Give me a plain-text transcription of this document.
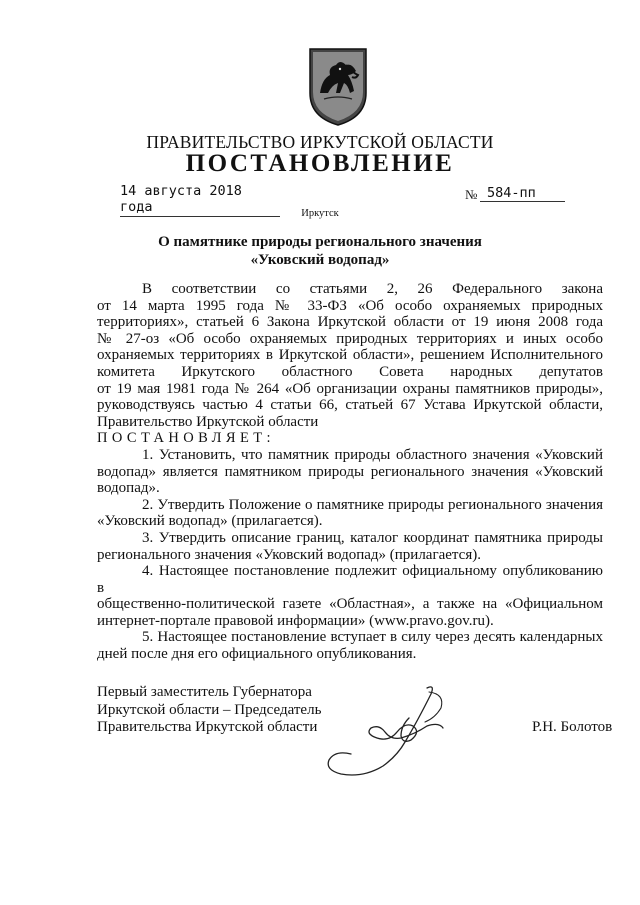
ПРАВИТЕЛЬСТВО ИРКУТСКОЙ ОБЛАСТИ
ПОСТАНОВЛЕНИЕ
14 августа 2018 года
№ 584-пп
Иркутск
О памятнике природы регионального значения
«Уковский водопад»

В соответствии со статьями 2, 26 Федерального закона

от 14 марта 1995 года № 33-ФЗ «Об особо охраняемых природных

территориях», статьей 6 Закона Иркутской области от 19 июня 2008 года

№ 27-оз «Об особо охраняемых природных территориях и иных особо

охраняемых территориях в Иркутской области», решением Исполнительного

комитета Иркутского областного Совета народных депутатов

от 19 мая 1981 года № 264 «Об организации охраны памятников природы»,

руководствуясь частью 4 статьи 66, статьей 67 Устава Иркутской области,

Правительство Иркутской области

ПОСТАНОВЛЯЕТ:

1. Установить, что памятник природы областного значения «Уковский

водопад» является памятником природы регионального значения «Уковский

водопад».

2. Утвердить Положение о памятнике природы регионального значения

«Уковский водопад» (прилагается).

3. Утвердить описание границ, каталог координат памятника природы

регионального значения «Уковский водопад» (прилагается).

4. Настоящее постановление подлежит официальному опубликованию в

общественно-политической газете «Областная», а также на «Официальном

интернет-портале правовой информации» (www.pravo.gov.ru).

5. Настоящее постановление вступает в силу через десять календарных

дней после дня его официального опубликования.

Первый заместитель Губернатора
Иркутской области – Председатель
Правительства Иркутской области	Р.Н. Болотов
